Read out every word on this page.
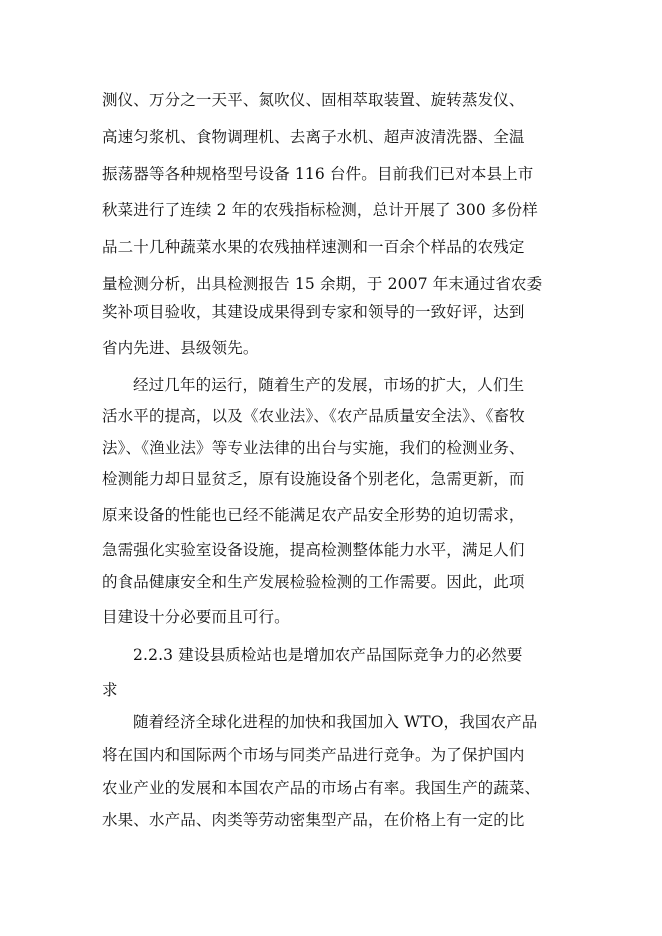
测仪、万分之一天平、氮吹仪、固相萃取装置、旋转蒸发仪、
高速匀浆机、食物调理机、去离子水机、超声波清洗器、全温
振荡器等各种规格型号设备 116 台件。目前我们已对本县上市
秋菜进行了连续 2 年的农残指标检测，总计开展了 300 多份样
品二十几种蔬菜水果的农残抽样速测和一百余个样品的农残定
量检测分析，出具检测报告 15 余期，于 2007 年末通过省农委
奖补项目验收，其建设成果得到专家和领导的一致好评，达到
省内先进、县级领先。
经过几年的运行，随着生产的发展，市场的扩大，人们生
活水平的提高，以及《农业法》、《农产品质量安全法》、《畜牧
法》、《渔业法》等专业法律的出台与实施，我们的检测业务、
检测能力却日显贫乏，原有设施设备个别老化，急需更新，而
原来设备的性能也已经不能满足农产品安全形势的迫切需求，
急需强化实验室设备设施，提高检测整体能力水平，满足人们
的食品健康安全和生产发展检验检测的工作需要。因此，此项
目建设十分必要而且可行。
2.2.3 建设县质检站也是增加农产品国际竞争力的必然要
求
随着经济全球化进程的加快和我国加入 WTO，我国农产品
将在国内和国际两个市场与同类产品进行竞争。为了保护国内
农业产业的发展和本国农产品的市场占有率。我国生产的蔬菜、
水果、水产品、肉类等劳动密集型产品，在价格上有一定的比
